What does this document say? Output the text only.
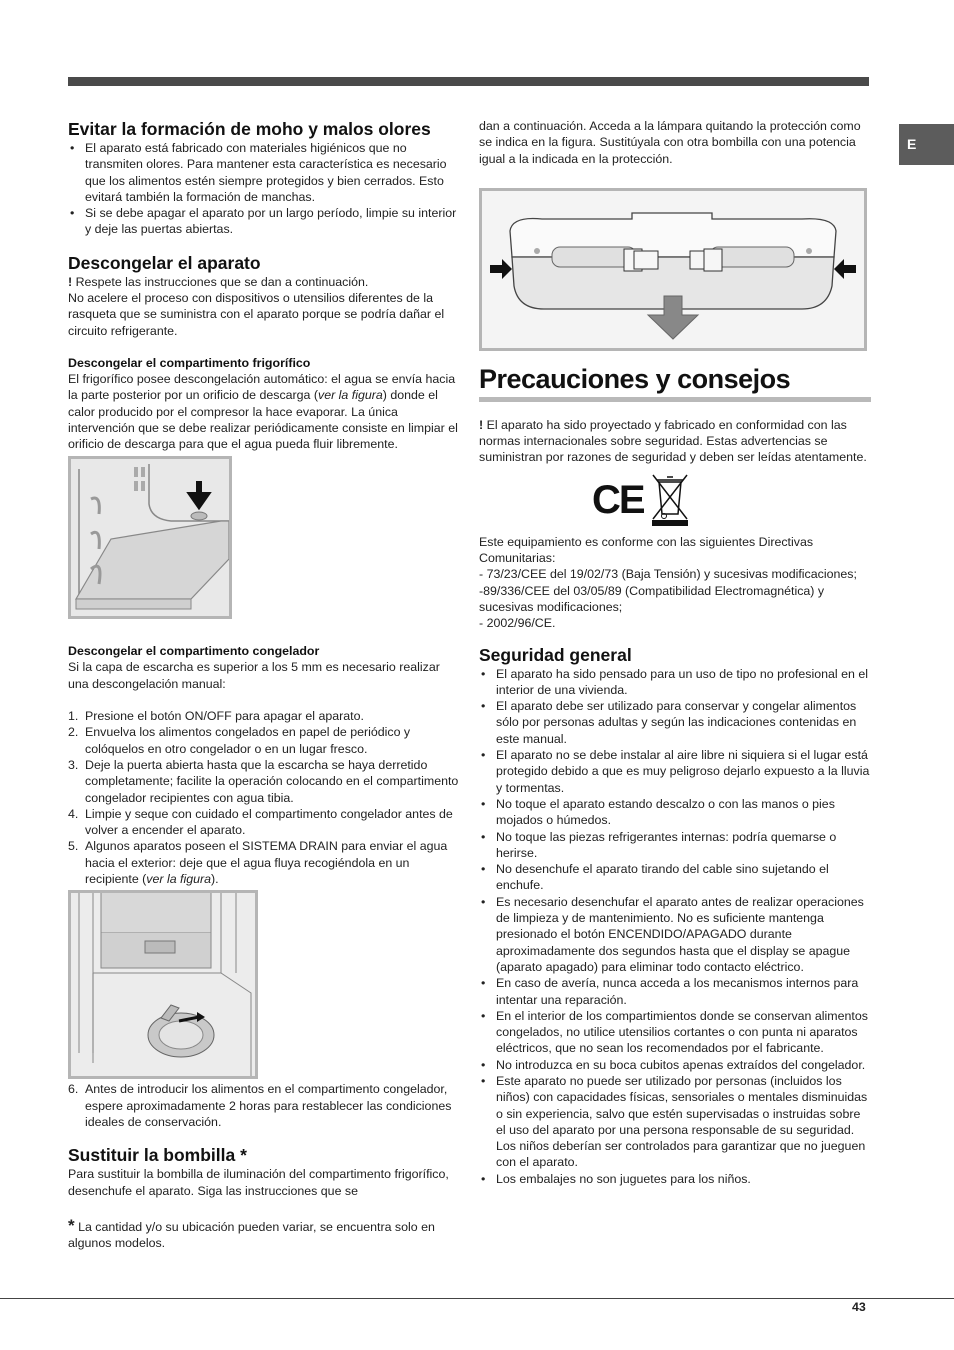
E
Evitar la formación de moho y malos olores
• El aparato está fabricado con materiales higiénicos que no transmiten olores. Para mantener esta característica es necesario que los alimentos estén siempre protegidos y bien cerrados. Esto evitará también la formación de manchas.
• Si se debe apagar el aparato por un largo período, limpie su interior y deje las puertas abiertas.
Descongelar el aparato

! Respete las instrucciones que se dan a continuación.

No acelere el proceso con dispositivos o utensilios diferentes de la rasqueta que se suministra con el aparato porque se podría dañar el circuito refrigerante.

Descongelar el compartimento frigorífico

El frigorífico posee descongelación automático: el agua se envía hacia la parte posterior por un orificio de descarga (ver la figura) donde el calor producido por el compresor la hace evaporar. La única intervención que se debe realizar periódicamente consiste en limpiar el orificio de descarga para que el agua pueda fluir libremente.

Descongelar el compartimento congelador

Si la capa de escarcha es superior a los 5 mm es necesario realizar una descongelación manual:

1. Presione el botón ON/OFF para apagar el aparato.
2. Envuelva los alimentos congelados en papel de periódico y colóquelos en otro congelador o en un lugar fresco.
3. Deje la puerta abierta hasta que la escarcha se haya derretido completamente; facilite la operación colocando en el compartimento congelador recipientes con agua tibia.
4. Limpie y seque con cuidado el compartimento congelador antes de volver a encender el aparato.
5. Algunos aparatos poseen el SISTEMA DRAIN para enviar el agua hacia el exterior: deje que el agua fluya recogiéndola en un recipiente (ver la figura).
6. Antes de introducir los alimentos en el compartimento congelador, espere aproximadamente 2 horas para restablecer las condiciones ideales de conservación.
Sustituir la bombilla *

Para sustituir la bombilla de iluminación del compartimento frigorífico, desenchufe el aparato. Siga las instrucciones que se

* La cantidad y/o su ubicación pueden variar, se encuentra solo en algunos modelos.

dan a continuación. Acceda a la lámpara quitando la protección como se indica en la figura. Sustitúyala con otra bombilla con una potencia igual a la indicada en la protección.

Precauciones y consejos

! El aparato ha sido proyectado y fabricado en conformidad con las normas internacionales sobre seguridad. Estas advertencias se suministran por razones de seguridad y deben ser leídas atentamente.

CE

Este equipamiento es conforme con las siguientes Directivas Comunitarias:

- 73/23/CEE del 19/02/73 (Baja Tensión) y sucesivas modificaciones;

-89/336/CEE del 03/05/89 (Compatibilidad Electromagnética) y sucesivas modificaciones;

- 2002/96/CE.

Seguridad general
• El aparato ha sido pensado para un uso de tipo no profesional en el interior de una vivienda.
• El aparato debe ser utilizado para conservar y congelar alimentos sólo por personas adultas y según las indicaciones contenidas en este manual.
• El aparato no se debe instalar al aire libre ni siquiera si el lugar está protegido debido a que es muy peligroso dejarlo expuesto a la lluvia y tormentas.
• No toque el aparato estando descalzo o con las manos o pies mojados o húmedos.
• No toque las piezas refrigerantes internas: podría quemarse o herirse.
• No desenchufe el aparato tirando del cable sino sujetando el enchufe.
• Es necesario desenchufar el aparato antes de realizar operaciones de limpieza y de mantenimiento. No es suficiente mantenga presionado el botón ENCENDIDO/APAGADO durante aproximadamente dos segundos hasta que el display se apague (aparato apagado) para eliminar todo contacto eléctrico.
• En caso de avería, nunca acceda a los mecanismos internos para intentar una reparación.
• En el interior de los compartimientos donde se conservan alimentos congelados, no utilice utensilios cortantes o con punta ni aparatos eléctricos, que no sean los recomendados por el fabricante.
• No introduzca en su boca cubitos apenas extraídos del congelador.
• Este aparato no puede ser utilizado por personas (incluidos los niños) con capacidades físicas, sensoriales o mentales disminuidas o sin experiencia, salvo que estén supervisadas o instruidas sobre el uso del aparato por una persona responsable de su seguridad. Los niños deberían ser controlados para garantizar que no jueguen con el aparato.
• Los embalajes no son juguetes para los niños.
43
